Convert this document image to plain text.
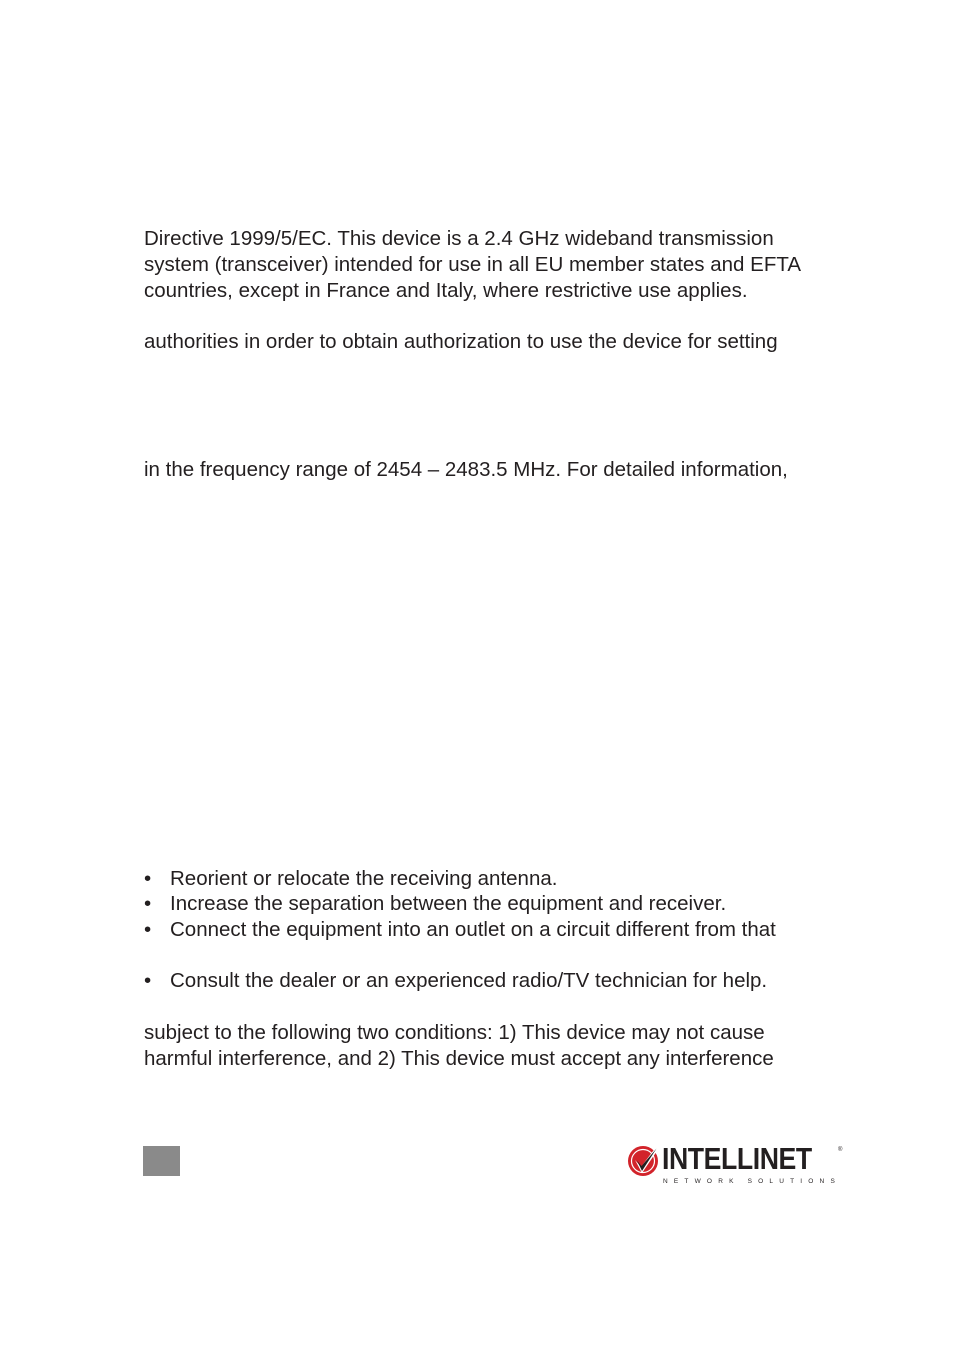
Directive 1999/5/EC. This device is a 2.4 GHz wideband transmission

system (transceiver) intended for use in all EU member states and EFTA

countries, except in France and Italy, where restrictive use applies.

authorities in order to obtain authorization to use the device for setting

in the frequency range of 2454 – 2483.5 MHz. For detailed information,

• Reorient or relocate the receiving antenna.

• Increase the separation between the equipment and receiver.

• Connect the equipment into an outlet on a circuit different from that

• Consult the dealer or an experienced radio/TV technician for help.

subject to the following two conditions: 1) This device may not cause

harmful interference, and 2) This device must accept any interference

INTELLINET	®
NETWORK SOLUTIONS
